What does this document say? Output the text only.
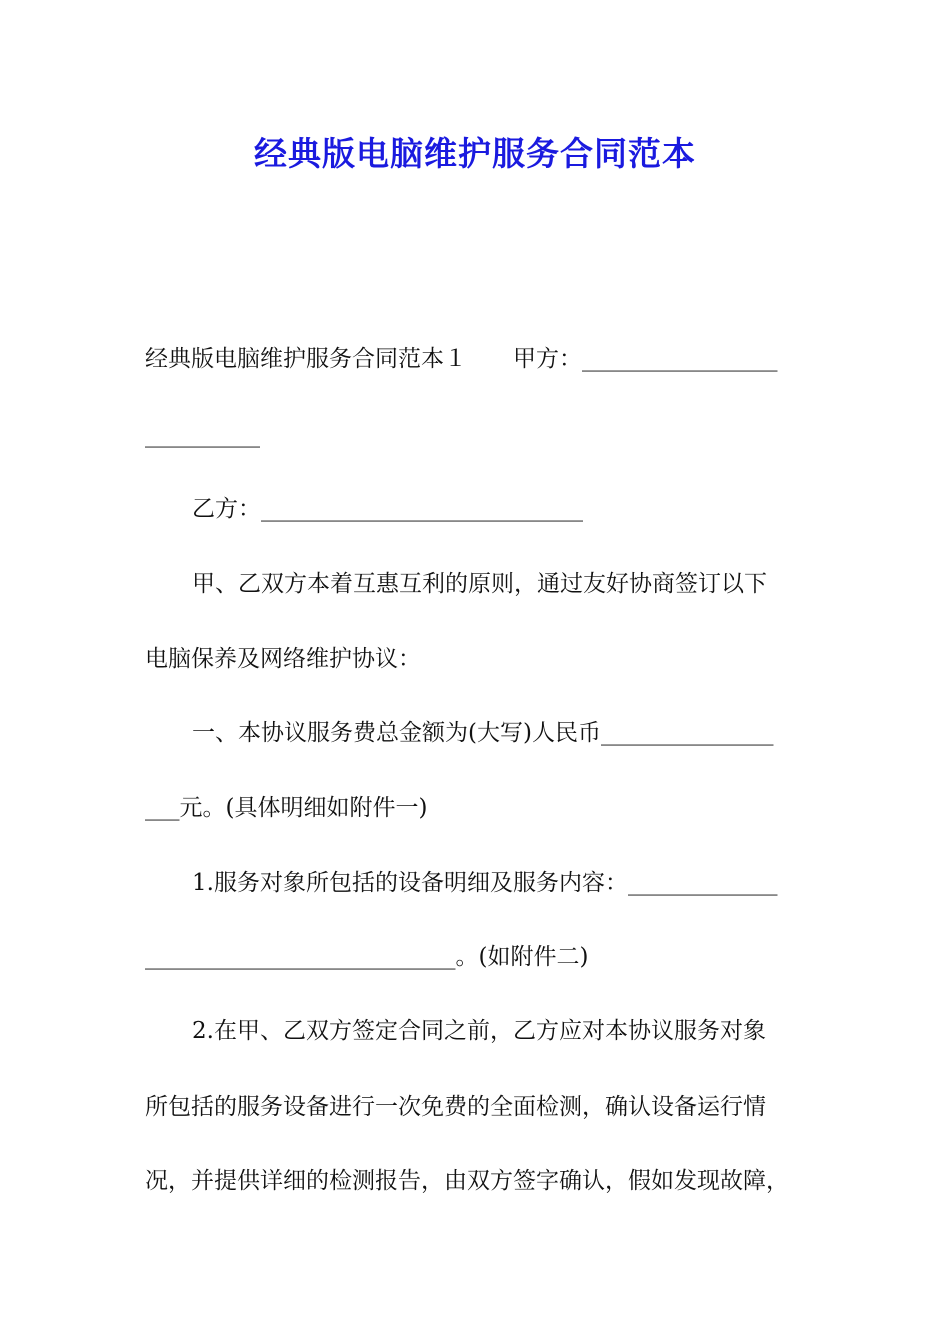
经典版电脑维护服务合同范本
经典版电脑维护服务合同范本１ 甲方：_________________
__________
乙方：____________________________
甲、乙双方本着互惠互利的原则，通过友好协商签订以下
电脑保养及网络维护协议：
一、本协议服务费总金额为(大写)人民币_______________
___元。(具体明细如附件一)
1.服务对象所包括的设备明细及服务内容：_____________
___________________________。(如附件二)
2.在甲、乙双方签定合同之前，乙方应对本协议服务对象
所包括的服务设备进行一次免费的全面检测，确认设备运行情
况，并提供详细的检测报告，由双方签字确认，假如发现故障，
